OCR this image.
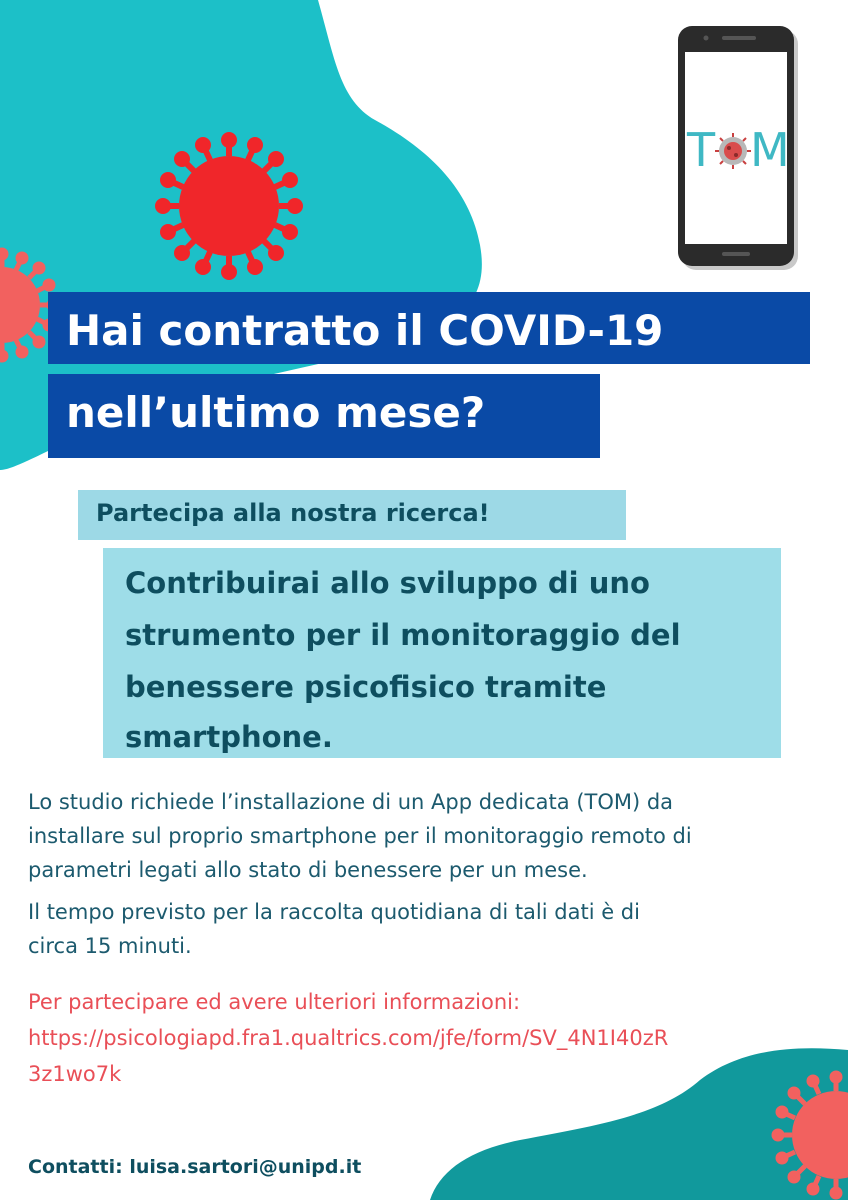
T M
Hai contratto il COVID-19
nell’ultimo mese?
Partecipa alla nostra ricerca!
Contribuirai allo sviluppo di uno
strumento per il monitoraggio del
benessere psicofisico tramite
smartphone.
Lo studio richiede l’installazione di un App dedicata (TOM) da
installare sul proprio smartphone per il monitoraggio remoto di
parametri legati allo stato di benessere per un mese.
Il tempo previsto per la raccolta quotidiana di tali dati è di
circa 15 minuti.
Per partecipare ed avere ulteriori informazioni:
https://psicologiapd.fra1.qualtrics.com/jfe/form/SV_4N1I40zR
3z1wo7k
Contatti: luisa.sartori@unipd.it
